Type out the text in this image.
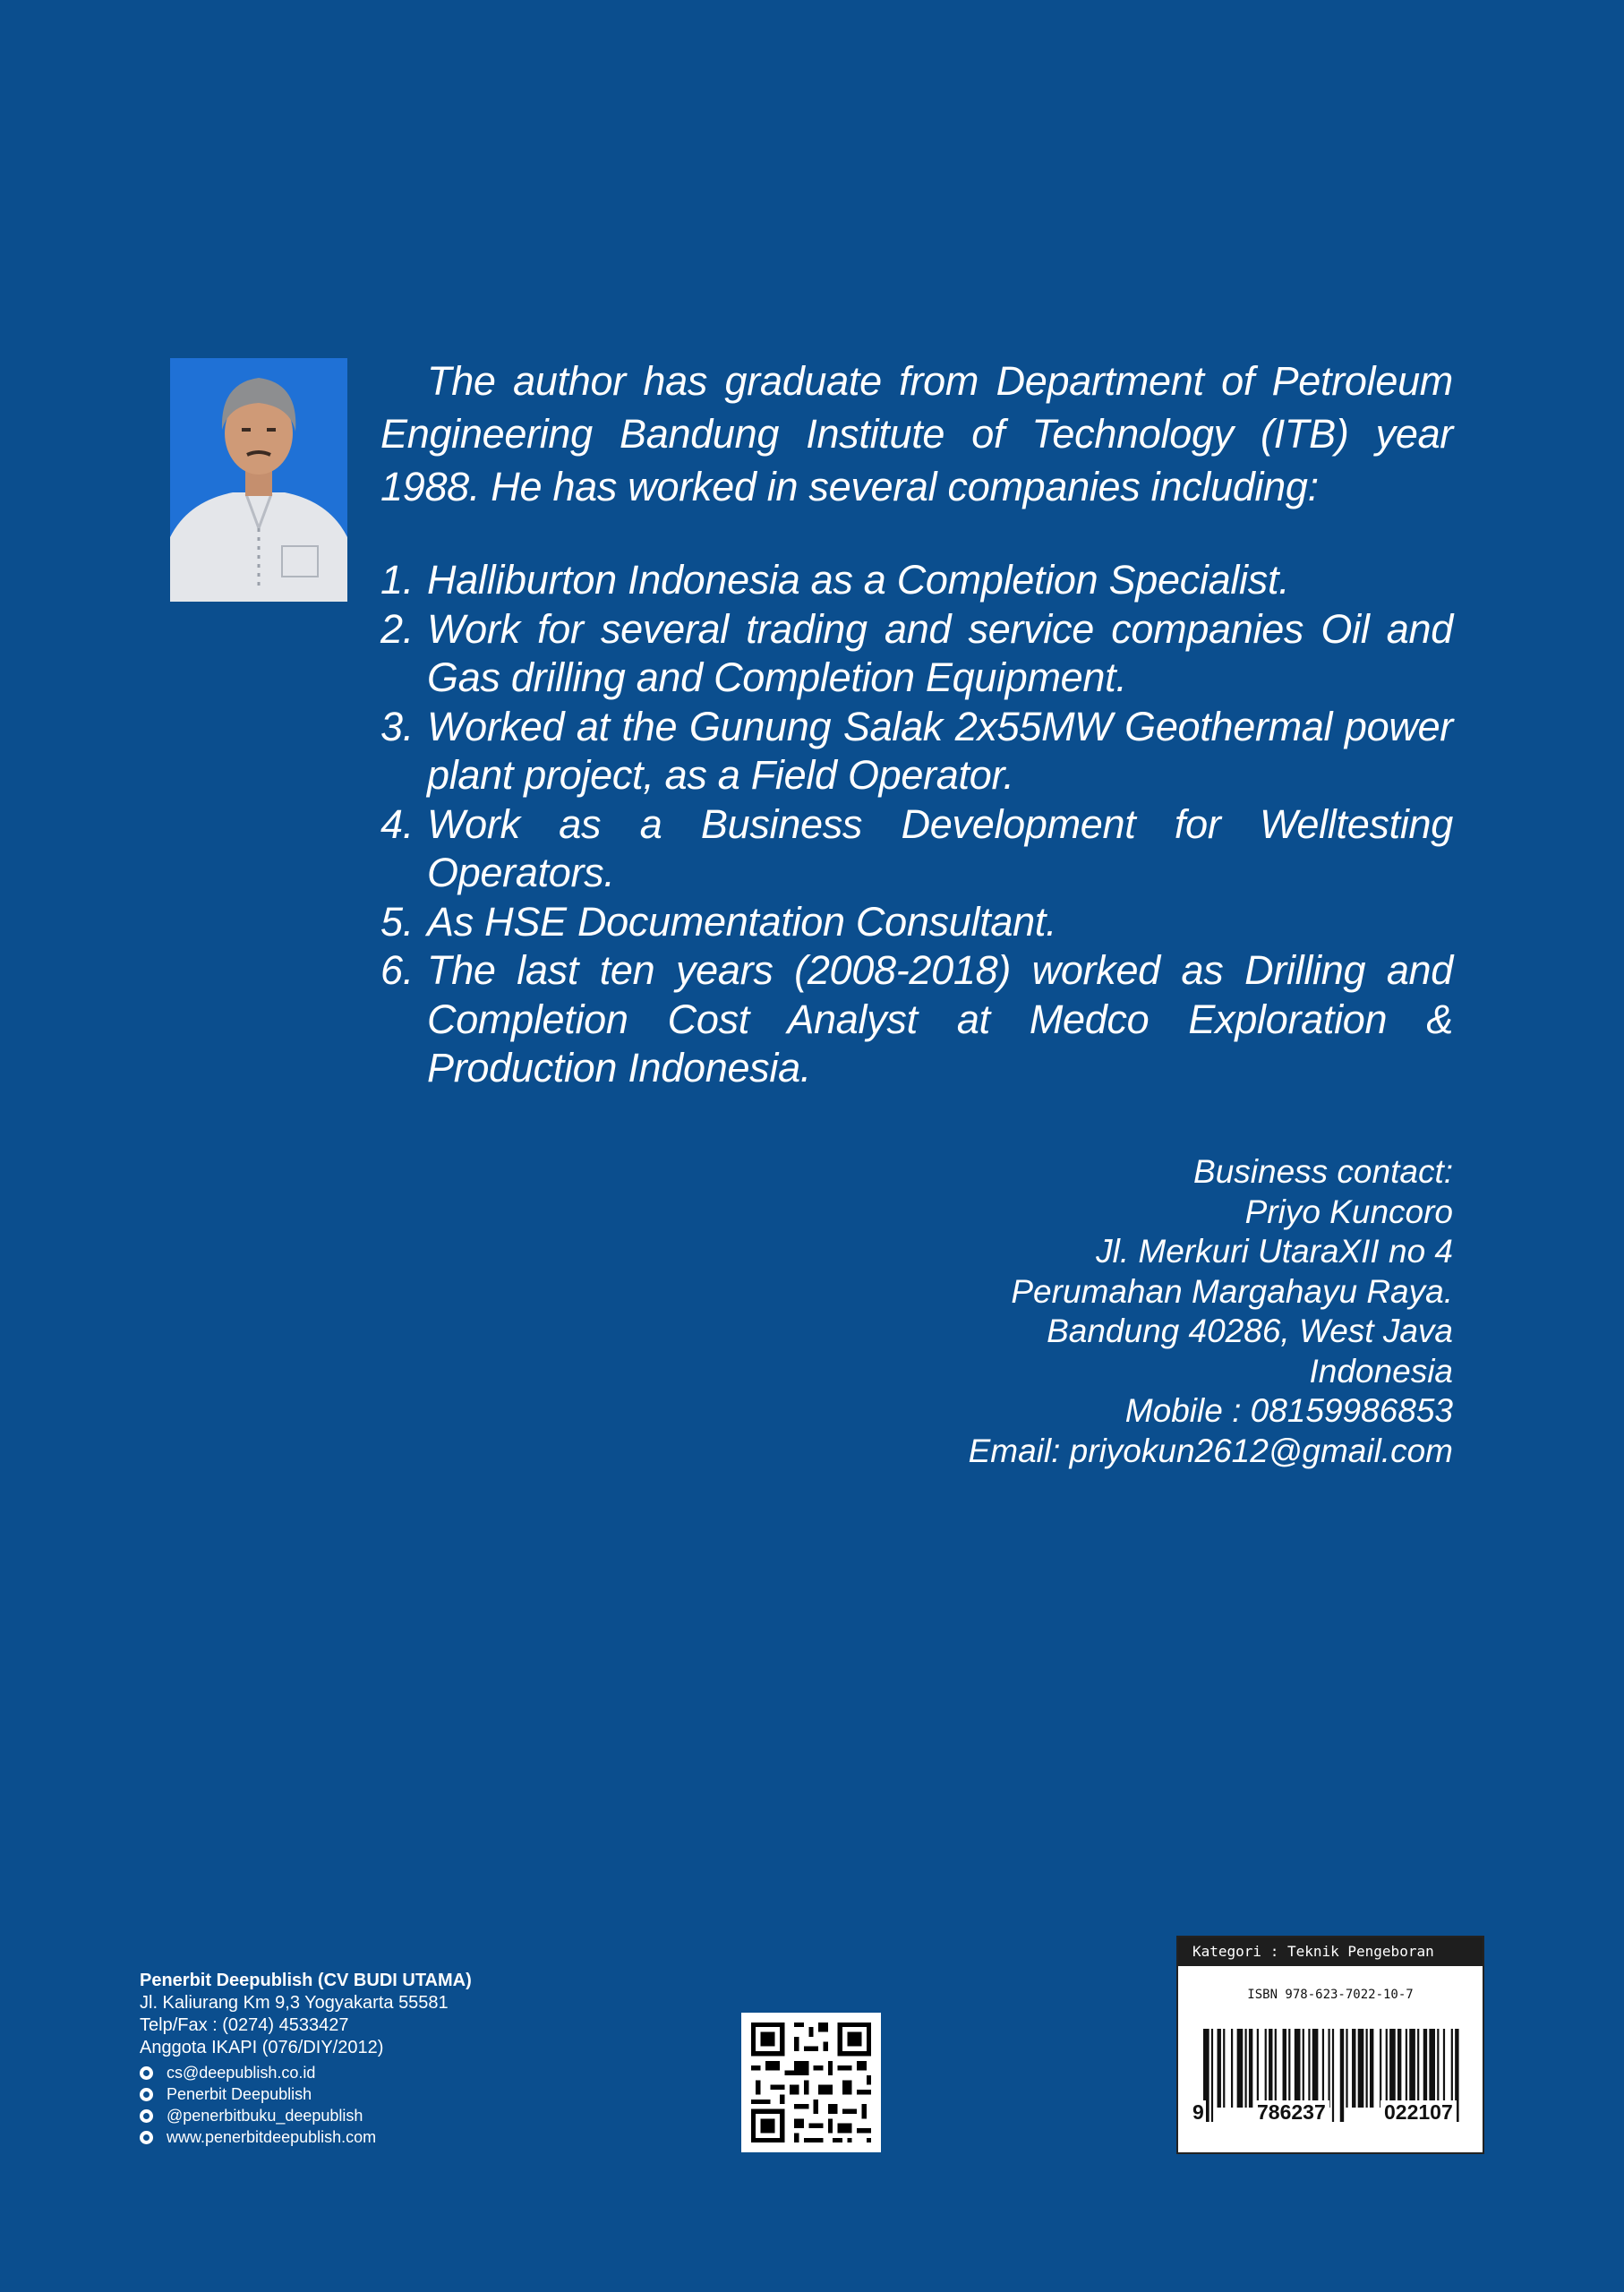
The author has graduate from Department of Petroleum Engineering Bandung Institute of Technology (ITB) year 1988. He has worked in several companies including:

1. Halliburton Indonesia as a Completion Specialist.
2. Work for several trading and service companies Oil and Gas drilling and Completion Equipment.
3. Worked at the Gunung Salak 2x55MW Geothermal power plant project, as a Field Operator.
4. Work as a Business Development for Welltesting Operators.
5. As HSE Documentation Consultant.
6. The last ten years (2008-2018) worked as Drilling and Completion Cost Analyst at Medco Exploration & Production Indonesia.
Business contact:
Priyo Kuncoro
Jl. Merkuri UtaraXII no 4
Perumahan Margahayu Raya.
Bandung 40286, West Java
Indonesia
Mobile : 08159986853
Email: priyokun2612@gmail.com
Penerbit Deepublish (CV BUDI UTAMA)
Jl. Kaliurang Km 9,3 Yogyakarta 55581
Telp/Fax : (0274) 4533427
Anggota IKAPI (076/DIY/2012)
cs@deepublish.co.id
Penerbit Deepublish
@penerbitbuku_deepublish
www.penerbitdeepublish.com
Kategori : Teknik Pengeboran
ISBN 978-623-7022-10-7
9	786237	022107
